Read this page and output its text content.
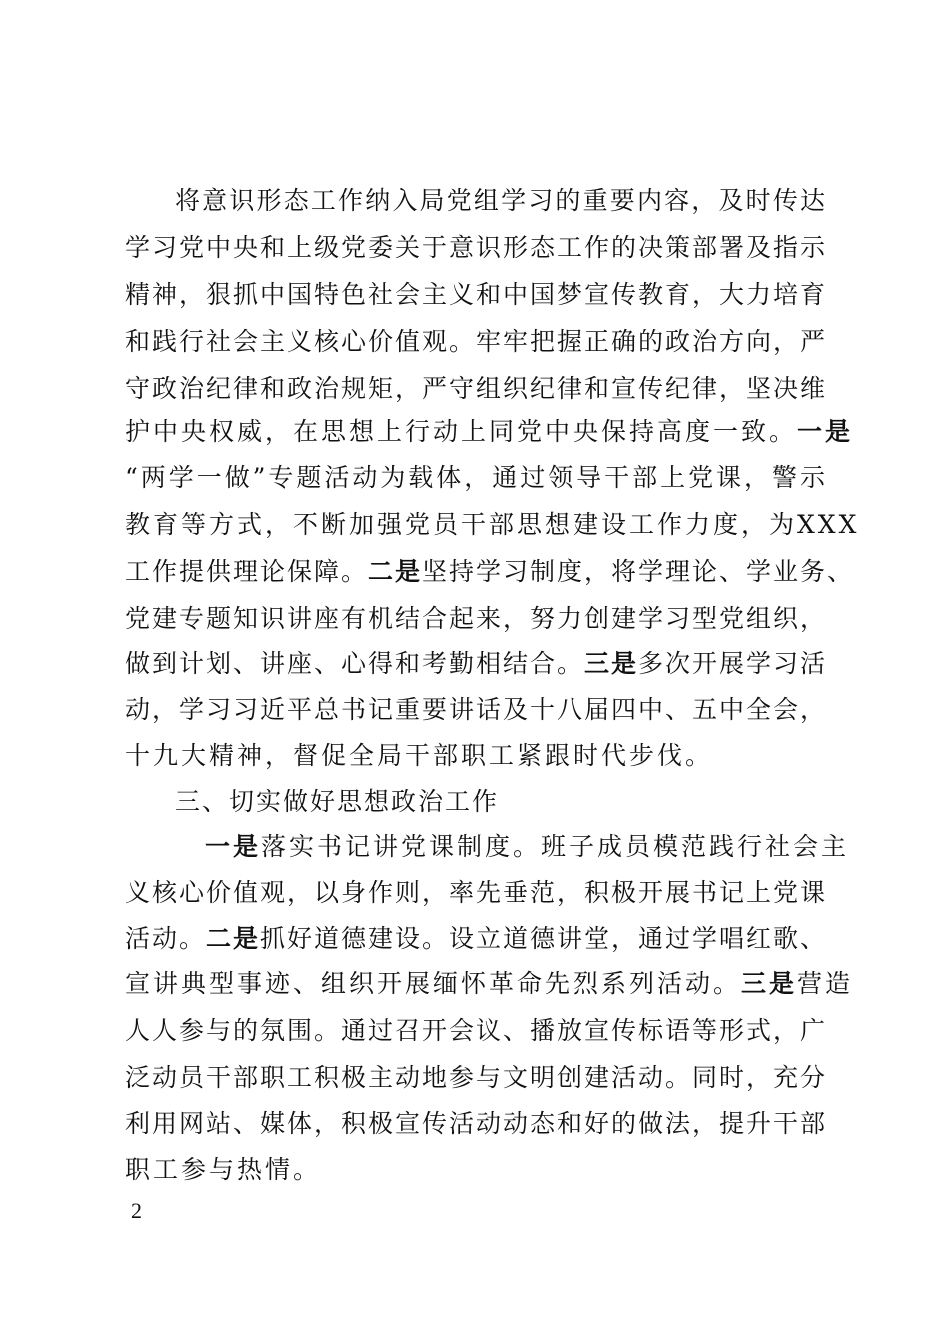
将意识形态工作纳入局党组学习的重要内容，及时传达
学习党中央和上级党委关于意识形态工作的决策部署及指示
精神，狠抓中国特色社会主义和中国梦宣传教育，大力培育
和践行社会主义核心价值观。牢牢把握正确的政治方向，严
守政治纪律和政治规矩，严守组织纪律和宣传纪律，坚决维
护中央权威，在思想上行动上同党中央保持高度一致。一是
“两学一做”专题活动为载体，通过领导干部上党课，警示
教育等方式，不断加强党员干部思想建设工作力度，为XXX
工作提供理论保障。二是坚持学习制度，将学理论、学业务、
党建专题知识讲座有机结合起来，努力创建学习型党组织，
做到计划、讲座、心得和考勤相结合。三是多次开展学习活
动，学习习近平总书记重要讲话及十八届四中、五中全会，
十九大精神，督促全局干部职工紧跟时代步伐。
三、切实做好思想政治工作
一是落实书记讲党课制度。班子成员模范践行社会主
义核心价值观，以身作则，率先垂范，积极开展书记上党课
活动。二是抓好道德建设。设立道德讲堂，通过学唱红歌、
宣讲典型事迹、组织开展缅怀革命先烈系列活动。三是营造
人人参与的氛围。通过召开会议、播放宣传标语等形式，广
泛动员干部职工积极主动地参与文明创建活动。同时，充分
利用网站、媒体，积极宣传活动动态和好的做法，提升干部
职工参与热情。
2
